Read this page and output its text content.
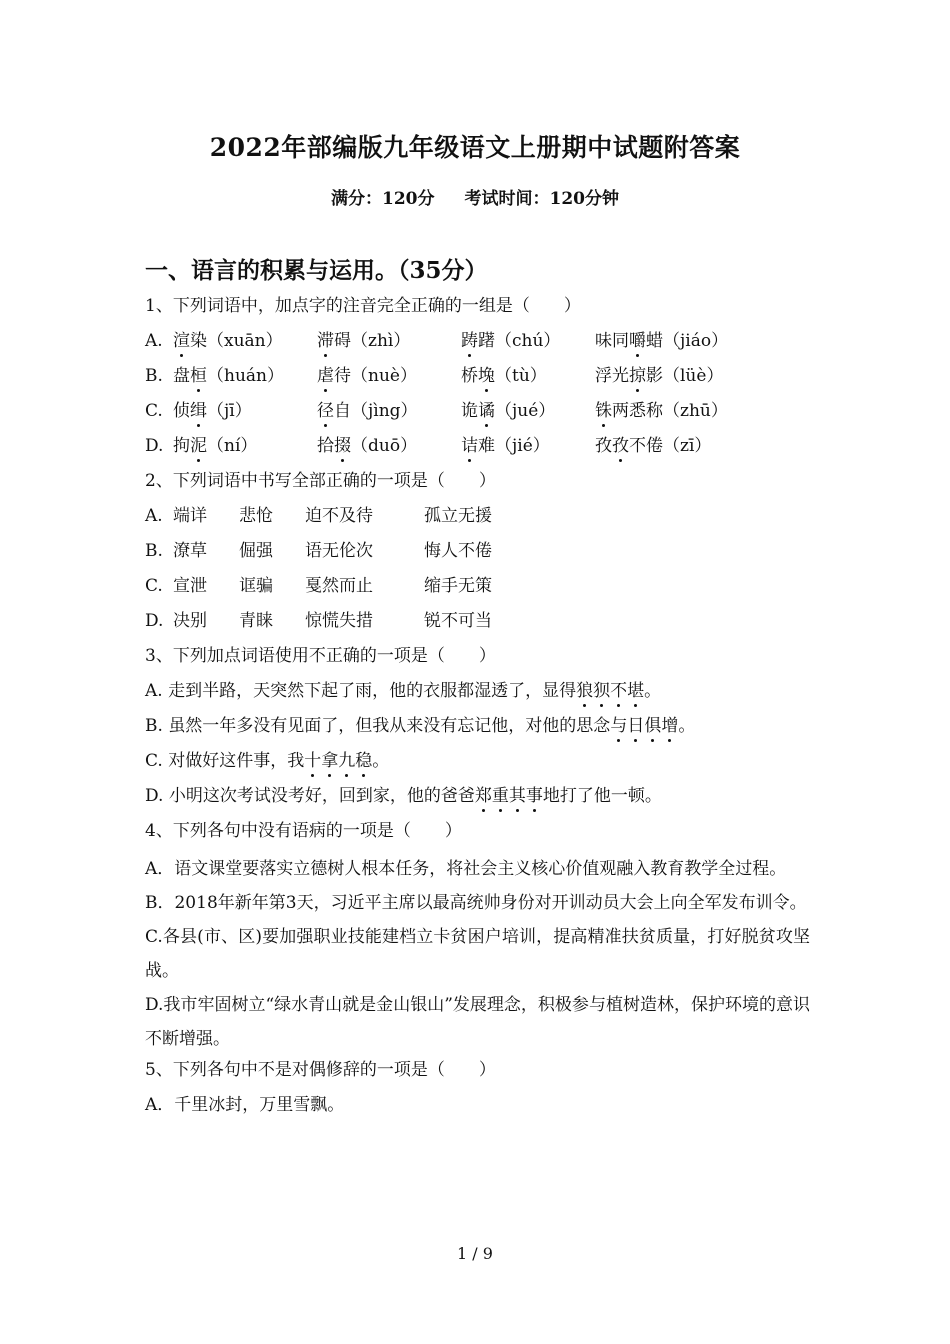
2022年部编版九年级语文上册期中试题附答案
满分：120分 考试时间：120分钟
一、语言的积累与运用。（35分）
1、下列词语中，加点字的注音完全正确的一组是（　　）
A. 渲染（xuān）	滞碍（zhì）	踌躇（chú）	味同嚼蜡（jiáo）
B. 盘桓（huán）	虐待（nuè）	桥堍（tù）	浮光掠影（lüè）
C. 侦缉（jī）	径自（jìng）	诡谲（jué）	铢两悉称（zhū）
D. 拘泥（ní）	拾掇（duō）	诘难（jié）	孜孜不倦（zī）
2、下列词语中书写全部正确的一项是（　　）
A. 端详	悲怆	迫不及待	孤立无援
B. 潦草	倔强	语无伦次	悔人不倦
C. 宣泄	诓骗	戛然而止	缩手无策
D. 决别	青睐	惊慌失措	锐不可当
3、下列加点词语使用不正确的一项是（　　）
A. 走到半路，天突然下起了雨，他的衣服都湿透了，显得狼狈不堪。
B. 虽然一年多没有见面了，但我从来没有忘记他，对他的思念与日俱增。
C. 对做好这件事，我十拿九稳。
D. 小明这次考试没考好，回到家，他的爸爸郑重其事地打了他一顿。
4、下列各句中没有语病的一项是（　　）
A．语文课堂要落实立德树人根本任务，将社会主义核心价值观融入教育教学全过程。
B．2018年新年第3天，习近平主席以最高统帅身份对开训动员大会上向全军发布训令。
C.各县(市、区)要加强职业技能建档立卡贫困户培训，提高精准扶贫质量，打好脱贫攻坚战。
D.我市牢固树立“绿水青山就是金山银山”发展理念，积极参与植树造林，保护环境的意识不断增强。
5、下列各句中不是对偶修辞的一项是（　　）
A．千里冰封，万里雪飘。
1 / 9
